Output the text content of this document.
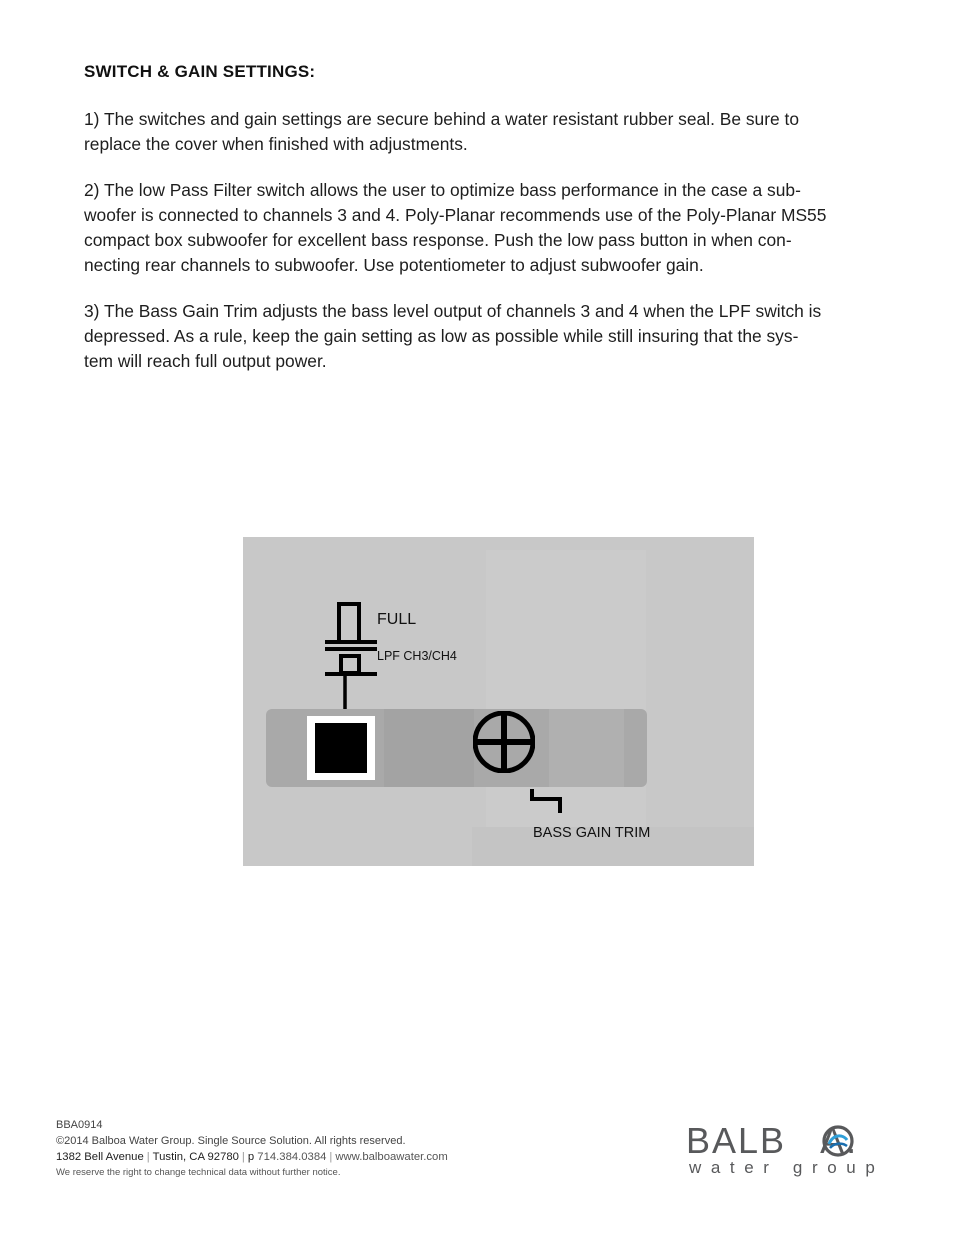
SWITCH & GAIN SETTINGS:
1) The switches and gain settings are secure behind a water resistant rubber seal. Be sure to
replace the cover when finished with adjustments.
2) The low Pass Filter switch allows the user to optimize bass performance in the case a sub-
woofer is connected to channels 3 and 4. Poly-Planar recommends use of the Poly-Planar MS55
compact box subwoofer for excellent bass response. Push the low pass button in when con-
necting rear channels to subwoofer. Use potentiometer to adjust subwoofer gain.
3) The Bass Gain Trim adjusts the bass level output of channels 3 and 4 when the LPF switch is
depressed. As a rule, keep the gain setting as low as possible while still insuring that the sys-
tem will reach full output power.
FULL
LPF CH3/CH4
BASS GAIN TRIM
BBA0914
©2014 Balboa Water Group. Single Source Solution. All rights reserved.
1382 Bell Avenue | Tustin, CA 92780 | p 714.384.0384 | www.balboawater.com
We reserve the right to change technical data without further notice.
BALB A.
water group
